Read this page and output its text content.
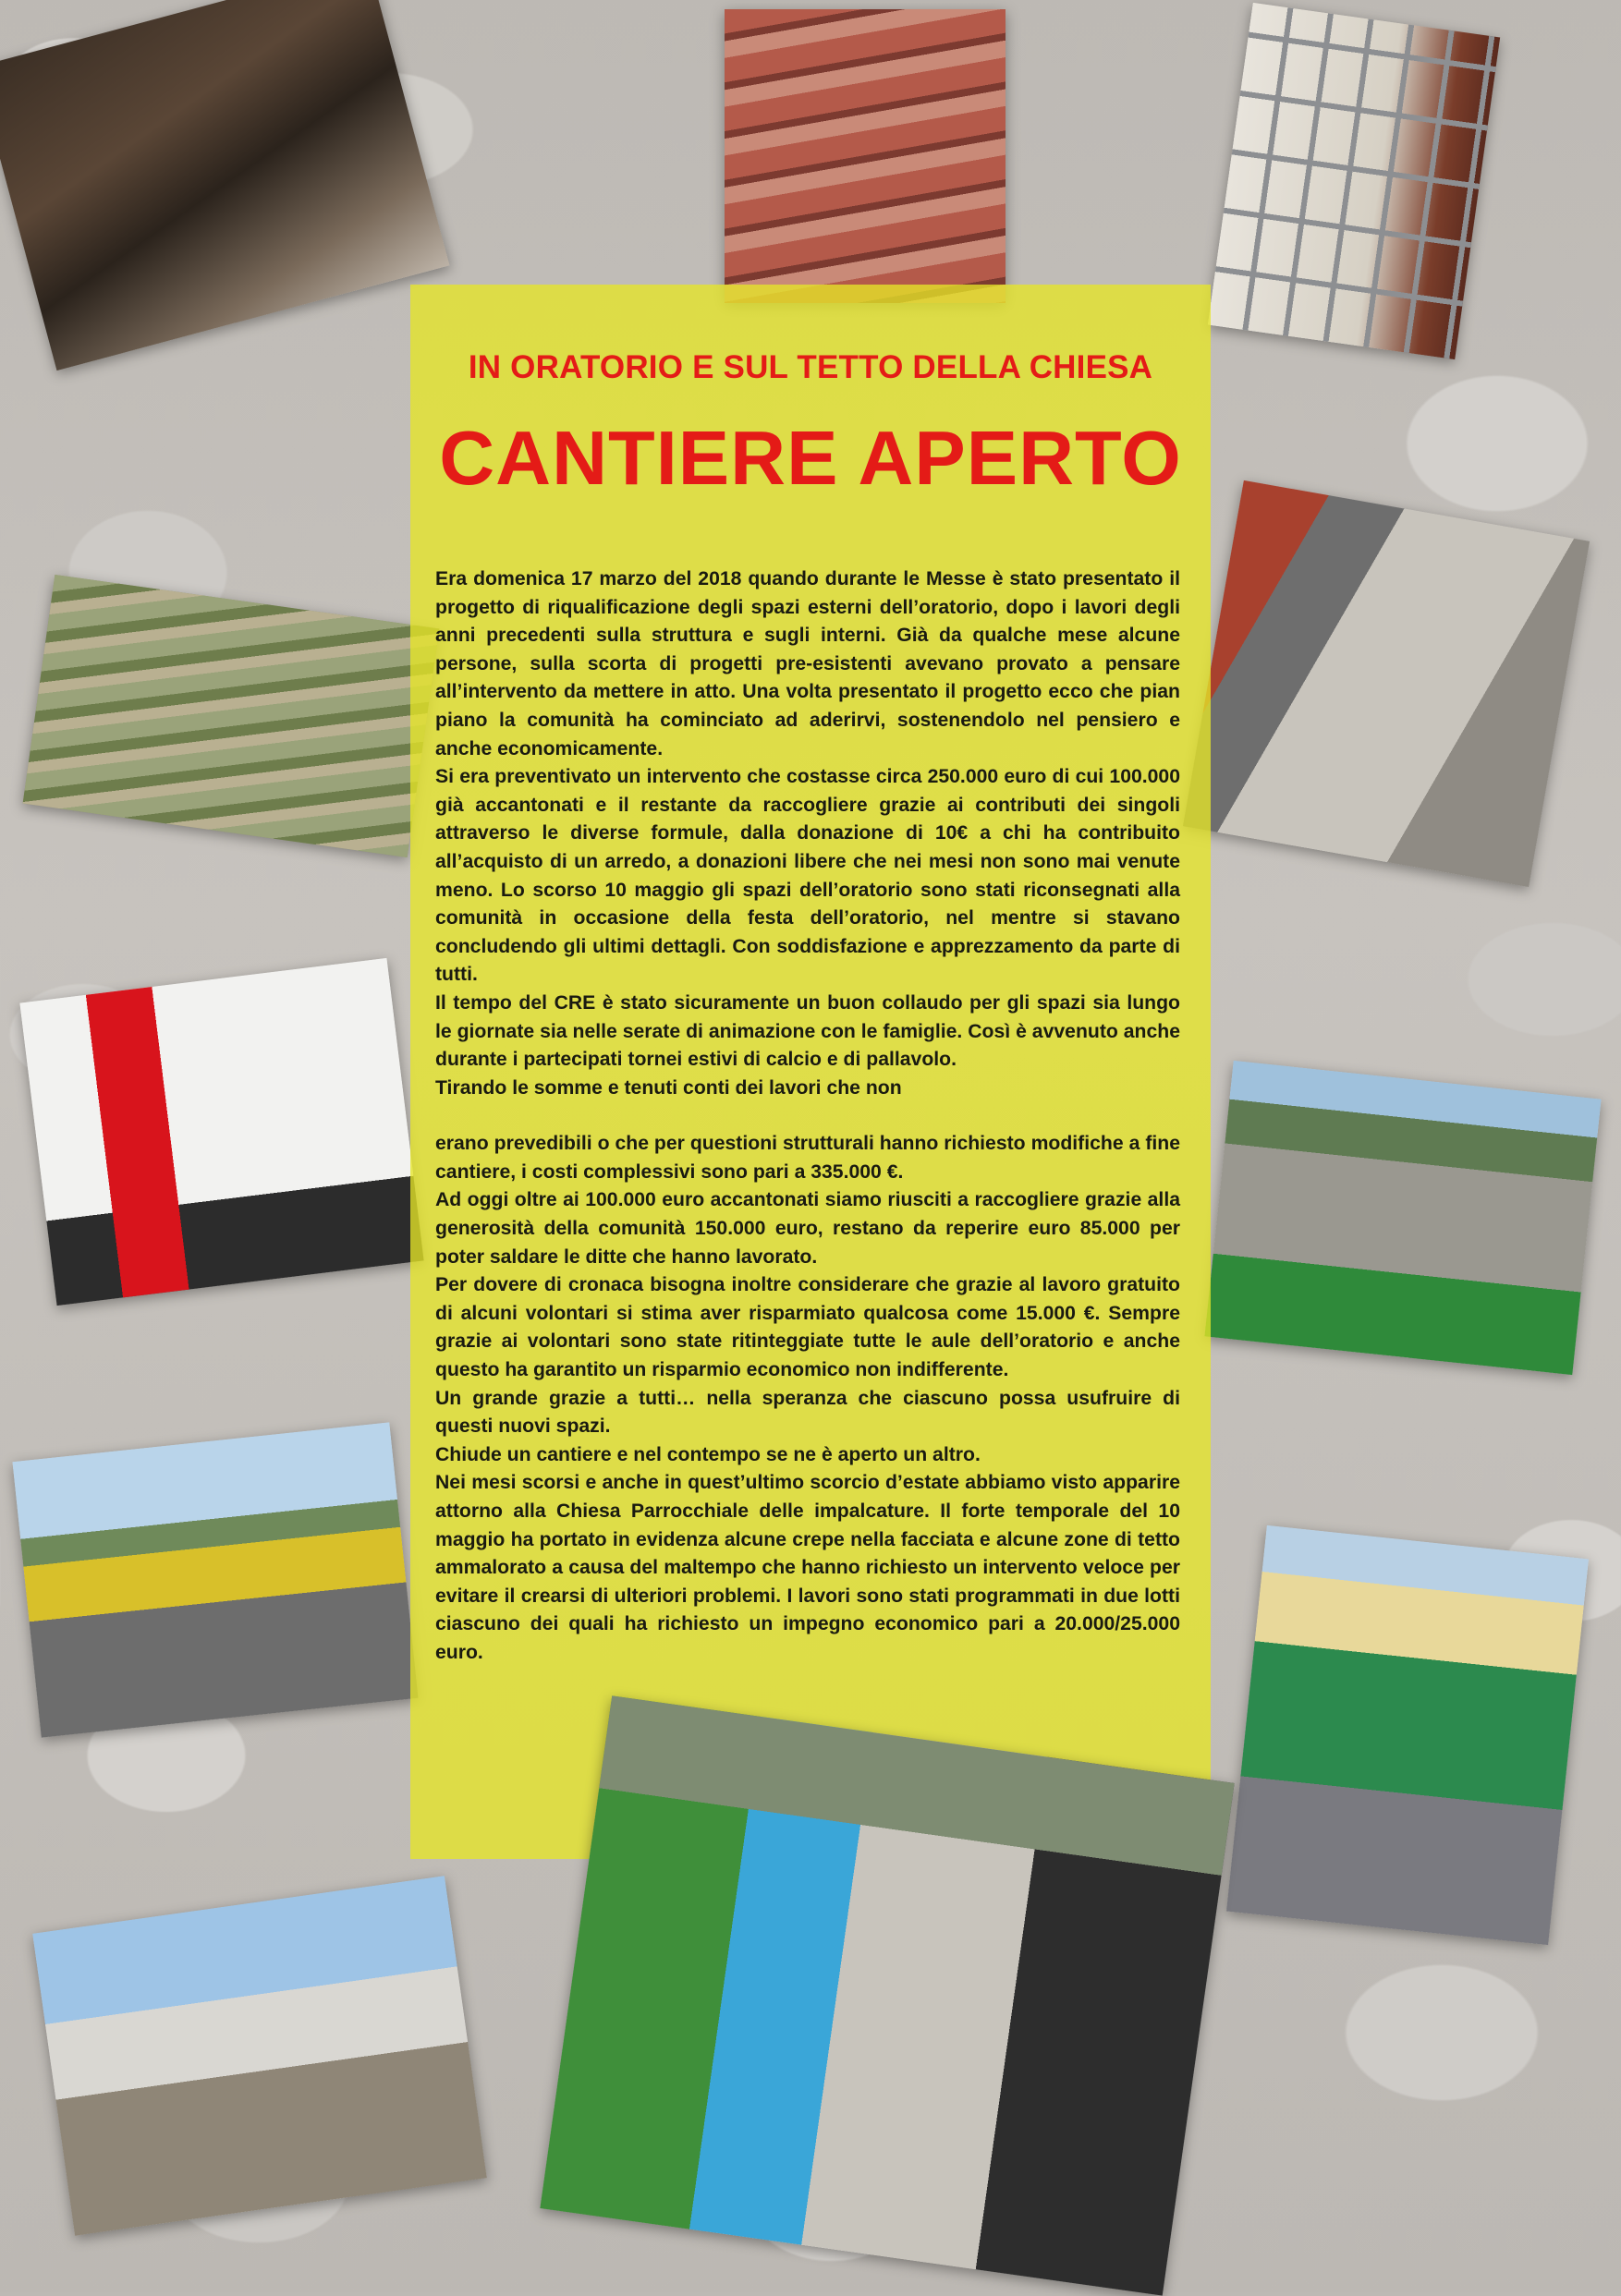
IN ORATORIO E SUL TETTO DELLA CHIESA
CANTIERE APERTO

Era domenica 17 marzo del 2018 quando durante le Messe è stato presentato il progetto di riqualificazione degli spazi esterni dell’oratorio, dopo i lavori degli anni precedenti sulla struttura e sugli interni. Già da qualche mese alcune persone, sulla scorta di progetti pre-esistenti avevano provato a pensare all’intervento da mettere in atto. Una volta presentato il progetto ecco che pian piano la comunità ha cominciato ad aderirvi, sostenendolo nel pensiero e anche economicamente.

Si era preventivato un intervento che costasse circa 250.000 euro di cui 100.000 già accantonati e il restante da raccogliere grazie ai contributi dei singoli attraverso le diverse formule, dalla donazione di 10€ a chi ha contribuito all’acquisto di un arredo, a donazioni libere che nei mesi non sono mai venute meno. Lo scorso 10 maggio gli spazi dell’oratorio sono stati riconsegnati alla comunità in occasione della festa dell’oratorio, nel mentre si stavano concludendo gli ultimi dettagli. Con soddisfazione e apprezzamento da parte di tutti.

Il tempo del CRE è stato sicuramente un buon collaudo per gli spazi sia lungo le giornate sia nelle serate di animazione con le famiglie. Così è avvenuto anche durante i partecipati tornei estivi di calcio e di pallavolo.

Tirando le somme e tenuti conti dei lavori che non

erano prevedibili o che per questioni strutturali hanno richiesto modifiche a fine cantiere, i costi complessivi sono pari a 335.000 €.

Ad oggi oltre ai 100.000 euro accantonati siamo riusciti a raccogliere grazie alla generosità della comunità 150.000 euro, restano da reperire euro 85.000 per poter saldare le ditte che hanno lavorato.

Per dovere di cronaca bisogna inoltre considerare che grazie al lavoro gratuito di alcuni volontari si stima aver risparmiato qualcosa come 15.000 €. Sempre grazie ai volontari sono state ritinteggiate tutte le aule dell’oratorio e anche questo ha garantito un risparmio economico non indifferente.

Un grande grazie a tutti… nella speranza che ciascuno possa usufruire di questi nuovi spazi.

Chiude un cantiere e nel contempo se ne è aperto un altro.

Nei mesi scorsi e anche in quest’ultimo scorcio d’estate abbiamo visto apparire attorno alla Chiesa Parrocchiale delle impalcature. Il forte temporale del 10 maggio ha portato in evidenza alcune crepe nella facciata e alcune zone di tetto ammalorato a causa del maltempo che hanno richiesto un intervento veloce per evitare il crearsi di ulteriori problemi. I lavori sono stati programmati in due lotti ciascuno dei quali ha richiesto un impegno economico pari a 20.000/25.000 euro.
